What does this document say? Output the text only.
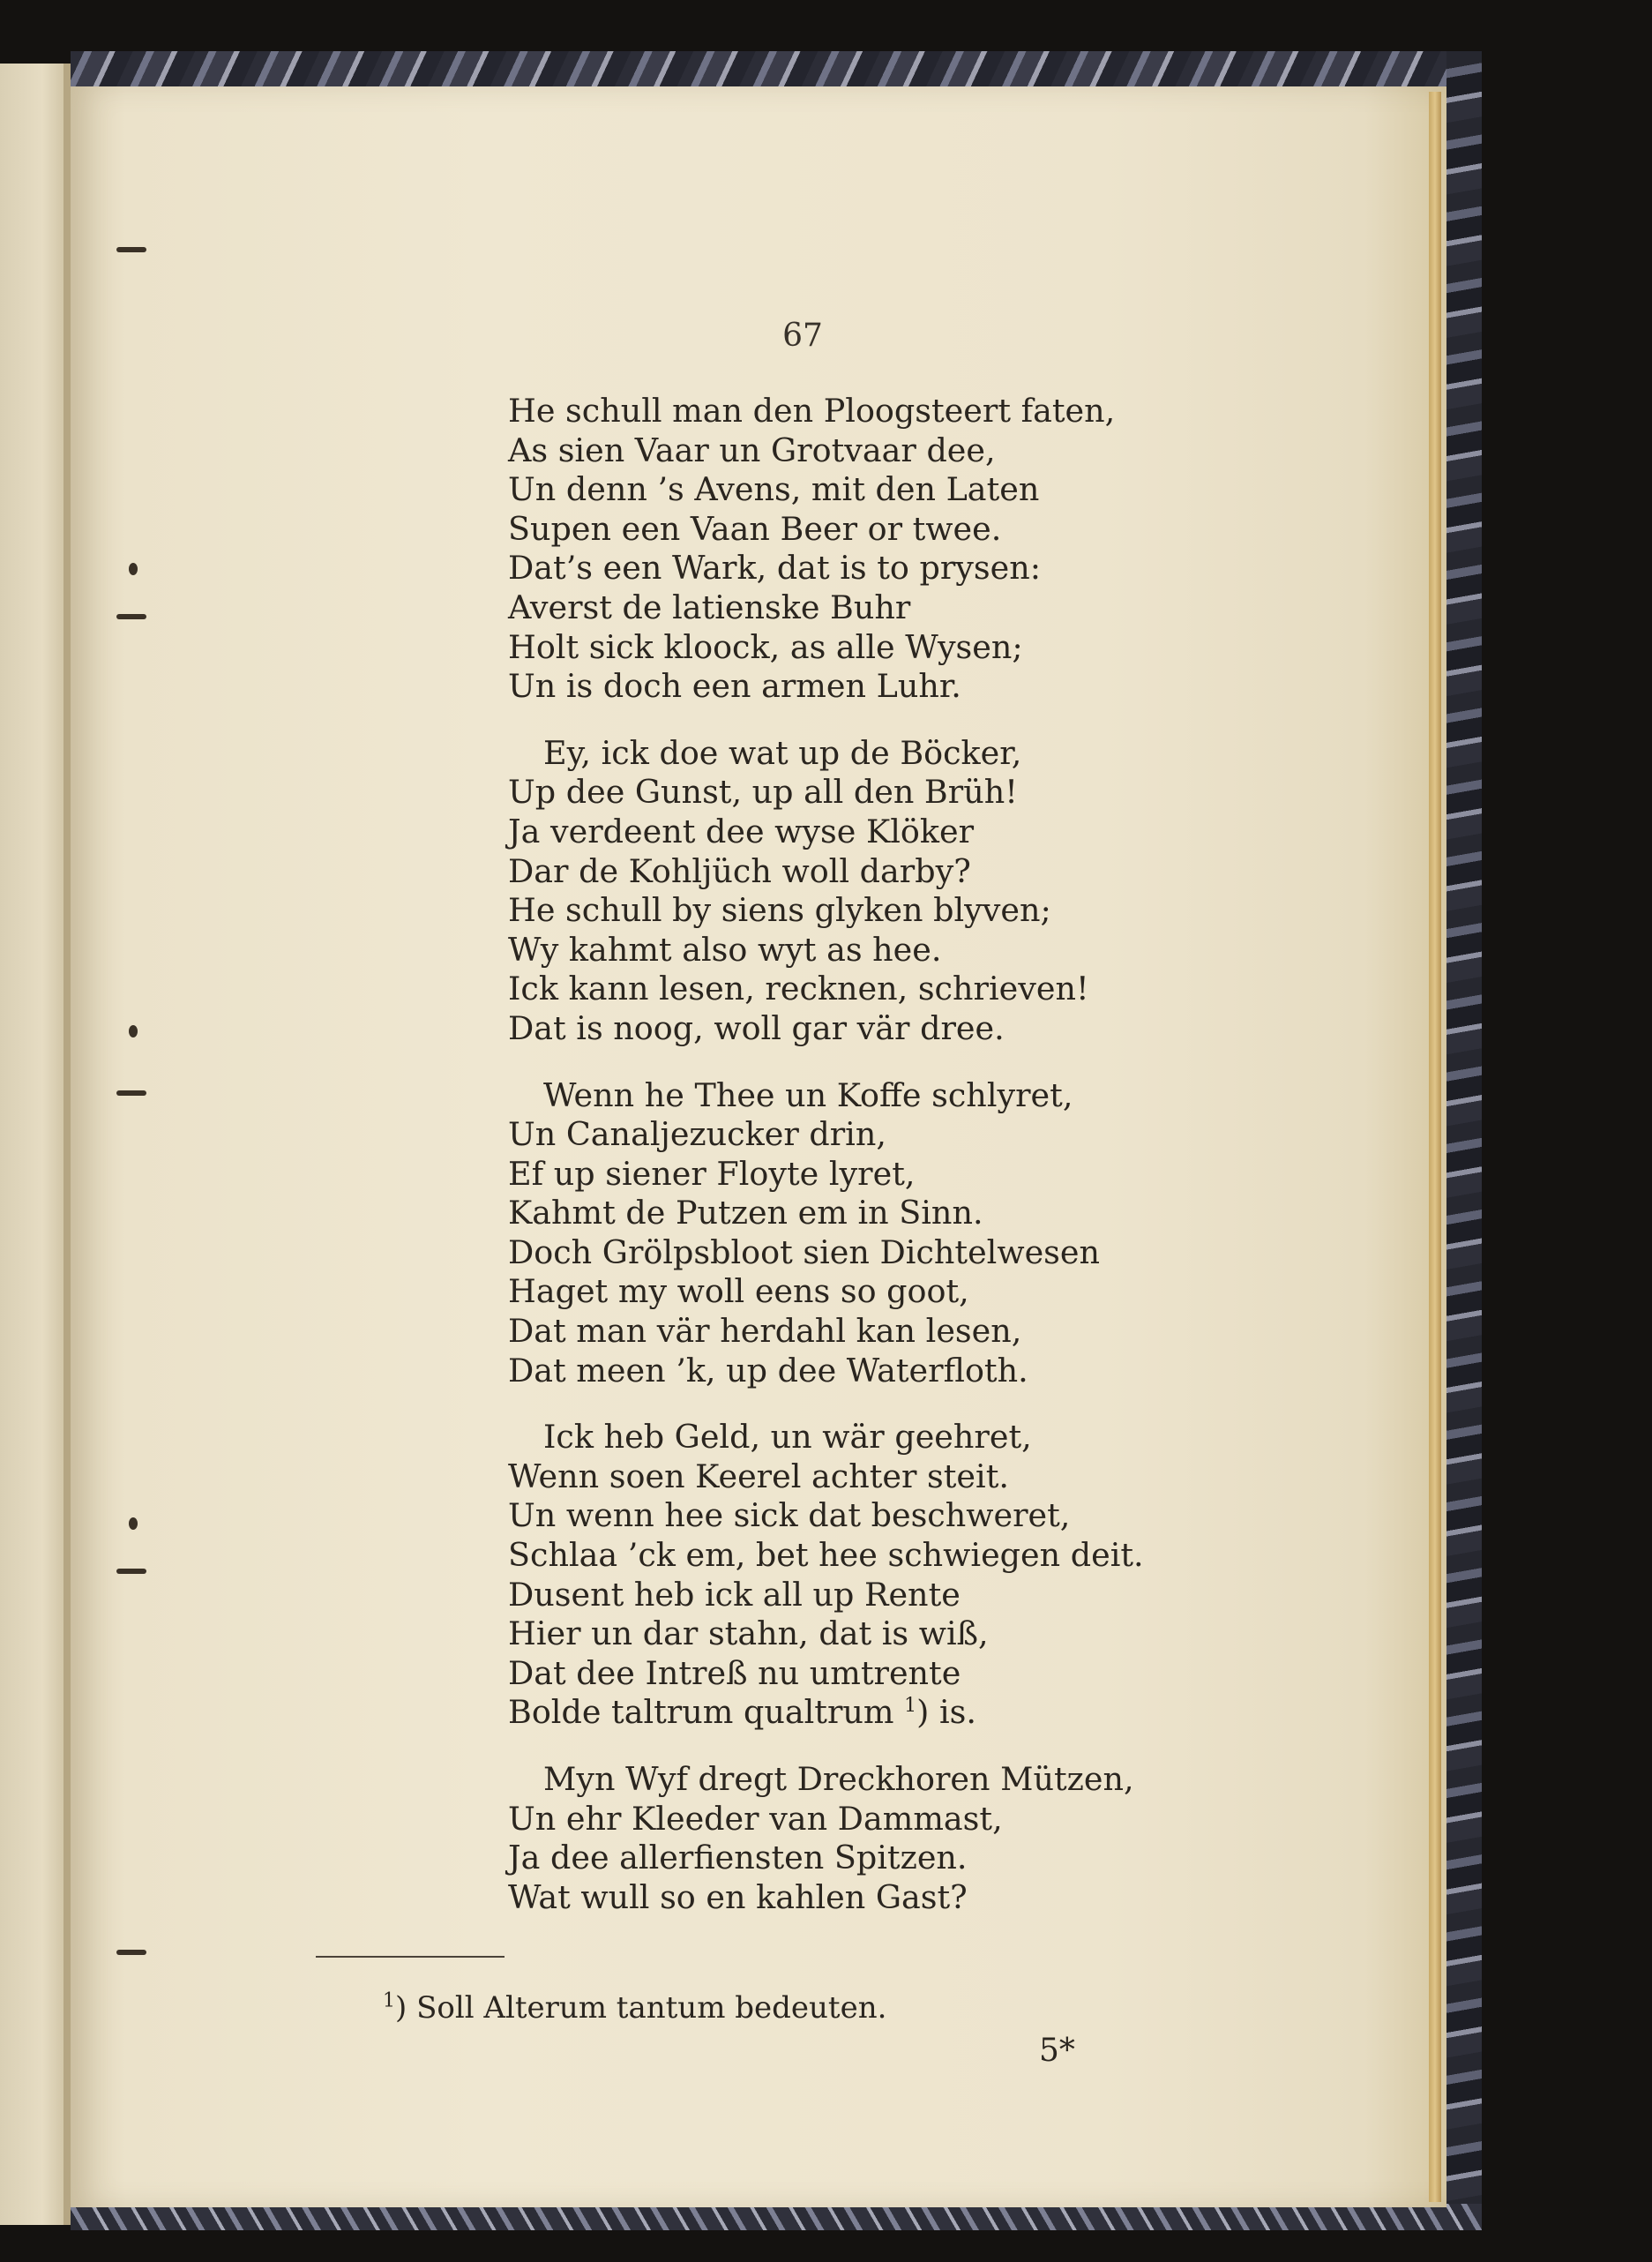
67
He schull man den Ploogsteert faten,
As sien Vaar un Grotvaar dee,
Un denn ’s Avens, mit den Laten
Supen een Vaan Beer or twee.
Dat’s een Wark, dat is to prysen:
Averst de latienske Buhr
Holt sick kloock, as alle Wysen;
Un is doch een armen Luhr.
Ey, ick doe wat up de Böcker,
Up dee Gunst, up all den Brüh!
Ja verdeent dee wyse Klöker
Dar de Kohljüch woll darby?
He schull by siens glyken blyven;
Wy kahmt also wyt as hee.
Ick kann lesen, recknen, schrieven!
Dat is noog, woll gar vär dree.
Wenn he Thee un Koffe schlyret,
Un Canaljezucker drin,
Ef up siener Floyte lyret,
Kahmt de Putzen em in Sinn.
Doch Grölpsbloot sien Dichtelwesen
Haget my woll eens so goot,
Dat man vär herdahl kan lesen,
Dat meen ’k, up dee Waterfloth.
Ick heb Geld, un wär geehret,
Wenn soen Keerel achter steit.
Un wenn hee sick dat beschweret,
Schlaa ’ck em, bet hee schwiegen deit.
Dusent heb ick all up Rente
Hier un dar stahn, dat is wiß,
Dat dee Intreß nu umtrente
Bolde taltrum qualtrum $^1$) is.
Myn Wyf dregt Dreckhoren Mützen,
Un ehr Kleeder van Dammast,
Ja dee allerfiensten Spitzen.
Wat wull so en kahlen Gast?
$^1$) Soll Alterum tantum bedeuten.
5*
